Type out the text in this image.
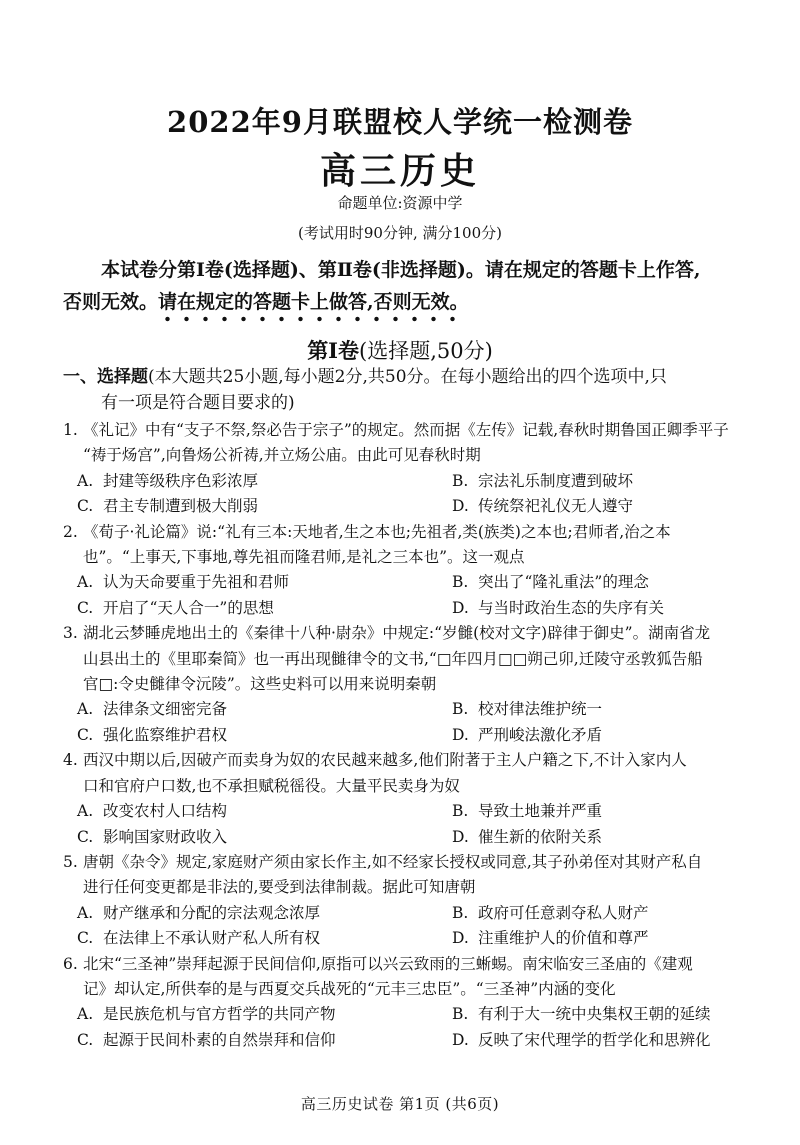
2022年9月联盟校人学统一检测卷
高三历史
命题单位:资源中学
(考试用时90分钟, 满分100分)
本试卷分第Ⅰ卷(选择题)、第Ⅱ卷(非选择题)。请在规定的答题卡上作答,
否则无效。请在规定的答题卡上做答,否则无效。
第Ⅰ卷(选择题,50分)
一、选择题(本大题共25小题,每小题2分,共50分。在每小题给出的四个选项中,只
有一项是符合题目要求的)
1. 《礼记》中有“支子不祭,祭必告于宗子”的规定。然而据《左传》记载,春秋时期鲁国正卿季平子
“祷于炀宫”,向鲁炀公祈祷,并立炀公庙。由此可见春秋时期
A. 封建等级秩序色彩浓厚	B. 宗法礼乐制度遭到破坏
C. 君主专制遭到极大削弱	D. 传统祭祀礼仪无人遵守
2. 《荀子·礼论篇》说:“礼有三本:天地者,生之本也;先祖者,类(族类)之本也;君师者,治之本
也”。“上事天,下事地,尊先祖而隆君师,是礼之三本也”。这一观点
A. 认为天命要重于先祖和君师	B. 突出了“隆礼重法”的理念
C. 开启了“天人合一”的思想	D. 与当时政治生态的失序有关
3. 湖北云梦睡虎地出土的《秦律十八种·尉杂》中规定:“岁雠(校对文字)辟律于御史”。湖南省龙
山县出土的《里耶秦简》也一再出现雠律令的文书,“□年四月□□朔己卯,迁陵守丞敦狐告船
官□:令史雠律令沅陵”。这些史料可以用来说明秦朝
A. 法律条文细密完备	B. 校对律法维护统一
C. 强化监察维护君权	D. 严刑峻法激化矛盾
4. 西汉中期以后,因破产而卖身为奴的农民越来越多,他们附著于主人户籍之下,不计入家内人
口和官府户口数,也不承担赋税徭役。大量平民卖身为奴
A. 改变农村人口结构	B. 导致土地兼并严重
C. 影响国家财政收入	D. 催生新的依附关系
5. 唐朝《杂令》规定,家庭财产须由家长作主,如不经家长授权或同意,其子孙弟侄对其财产私自
进行任何变更都是非法的,要受到法律制裁。据此可知唐朝
A. 财产继承和分配的宗法观念浓厚	B. 政府可任意剥夺私人财产
C. 在法律上不承认财产私人所有权	D. 注重维护人的价值和尊严
6. 北宋“三圣神”崇拜起源于民间信仰,原指可以兴云致雨的三蜥蜴。南宋临安三圣庙的《建观
记》却认定,所供奉的是与西夏交兵战死的“元丰三忠臣”。“三圣神”内涵的变化
A. 是民族危机与官方哲学的共同产物	B. 有利于大一统中央集权王朝的延续
C. 起源于民间朴素的自然崇拜和信仰	D. 反映了宋代理学的哲学化和思辨化
高三历史试卷 第1页 (共6页)
